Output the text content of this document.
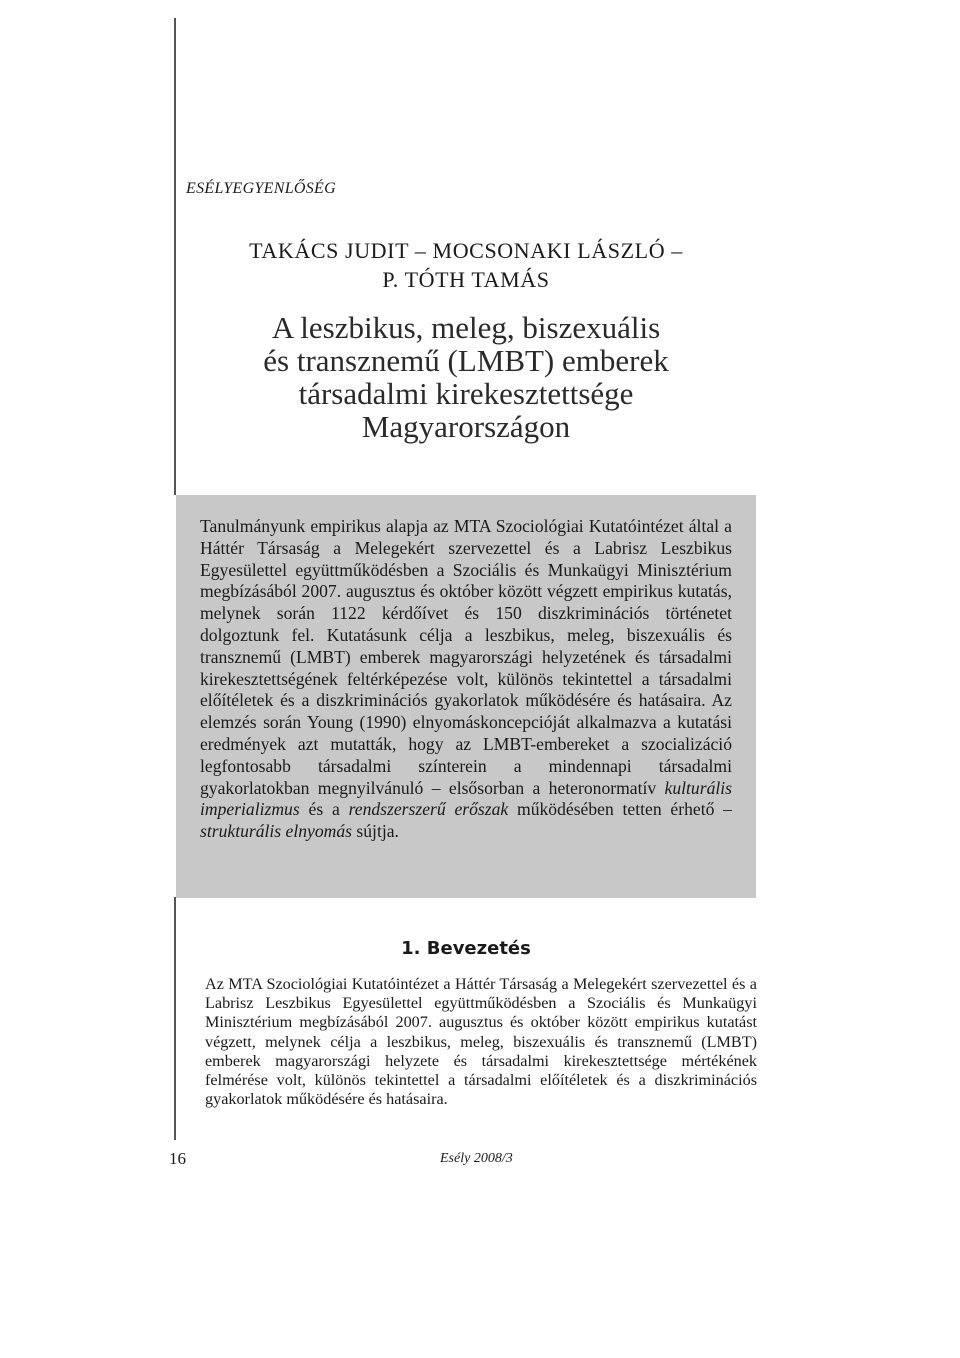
ESÉLYEGYENLŐSÉG
TAKÁCS JUDIT – MOCSONAKI LÁSZLÓ –
P. TÓTH TAMÁS
A leszbikus, meleg, biszexuális
és transznemű (LMBT) emberek
társadalmi kirekesztettsége
Magyarországon
Tanulmányunk empirikus alapja az MTA Szociológiai Kutatóintézet által a Háttér Társaság a Melegekért szervezettel és a Labrisz Leszbikus Egyesülettel együttműködésben a Szociális és Munkaügyi Minisztérium megbízásából 2007. augusztus és október között végzett empirikus kutatás, melynek során 1122 kérdőívet és 150 diszkriminációs történetet dolgoztunk fel. Kutatásunk célja a leszbikus, meleg, biszexuális és transznemű (LMBT) emberek magyarországi helyzetének és társadalmi kirekesztettségének feltérképezése volt, különös tekintettel a társadalmi előítéletek és a diszkriminációs gyakorlatok működésére és hatásaira. Az elemzés során Young (1990) elnyomáskoncepcióját alkalmazva a kutatási eredmények azt mutatták, hogy az LMBT-embereket a szocializáció legfontosabb társadalmi színterein a mindennapi társadalmi gyakorlatokban megnyilvánuló – elsősorban a heteronormatív kulturális imperializmus és a rendszerszerű erőszak működésében tetten érhető – strukturális elnyomás sújtja.
1. Bevezetés
Az MTA Szociológiai Kutatóintézet a Háttér Társaság a Melegekért szervezettel és a Labrisz Leszbikus Egyesülettel együttműködésben a Szociális és Munkaügyi Minisztérium megbízásából 2007. augusztus és október között empirikus kutatást végzett, melynek célja a leszbikus, meleg, biszexuális és transznemű (LMBT) emberek magyarországi helyzete és társadalmi kirekesztettsége mértékének felmérése volt, különös tekintettel a társadalmi előítéletek és a diszkriminációs gyakorlatok működésére és hatásaira.
16	Esély 2008/3
